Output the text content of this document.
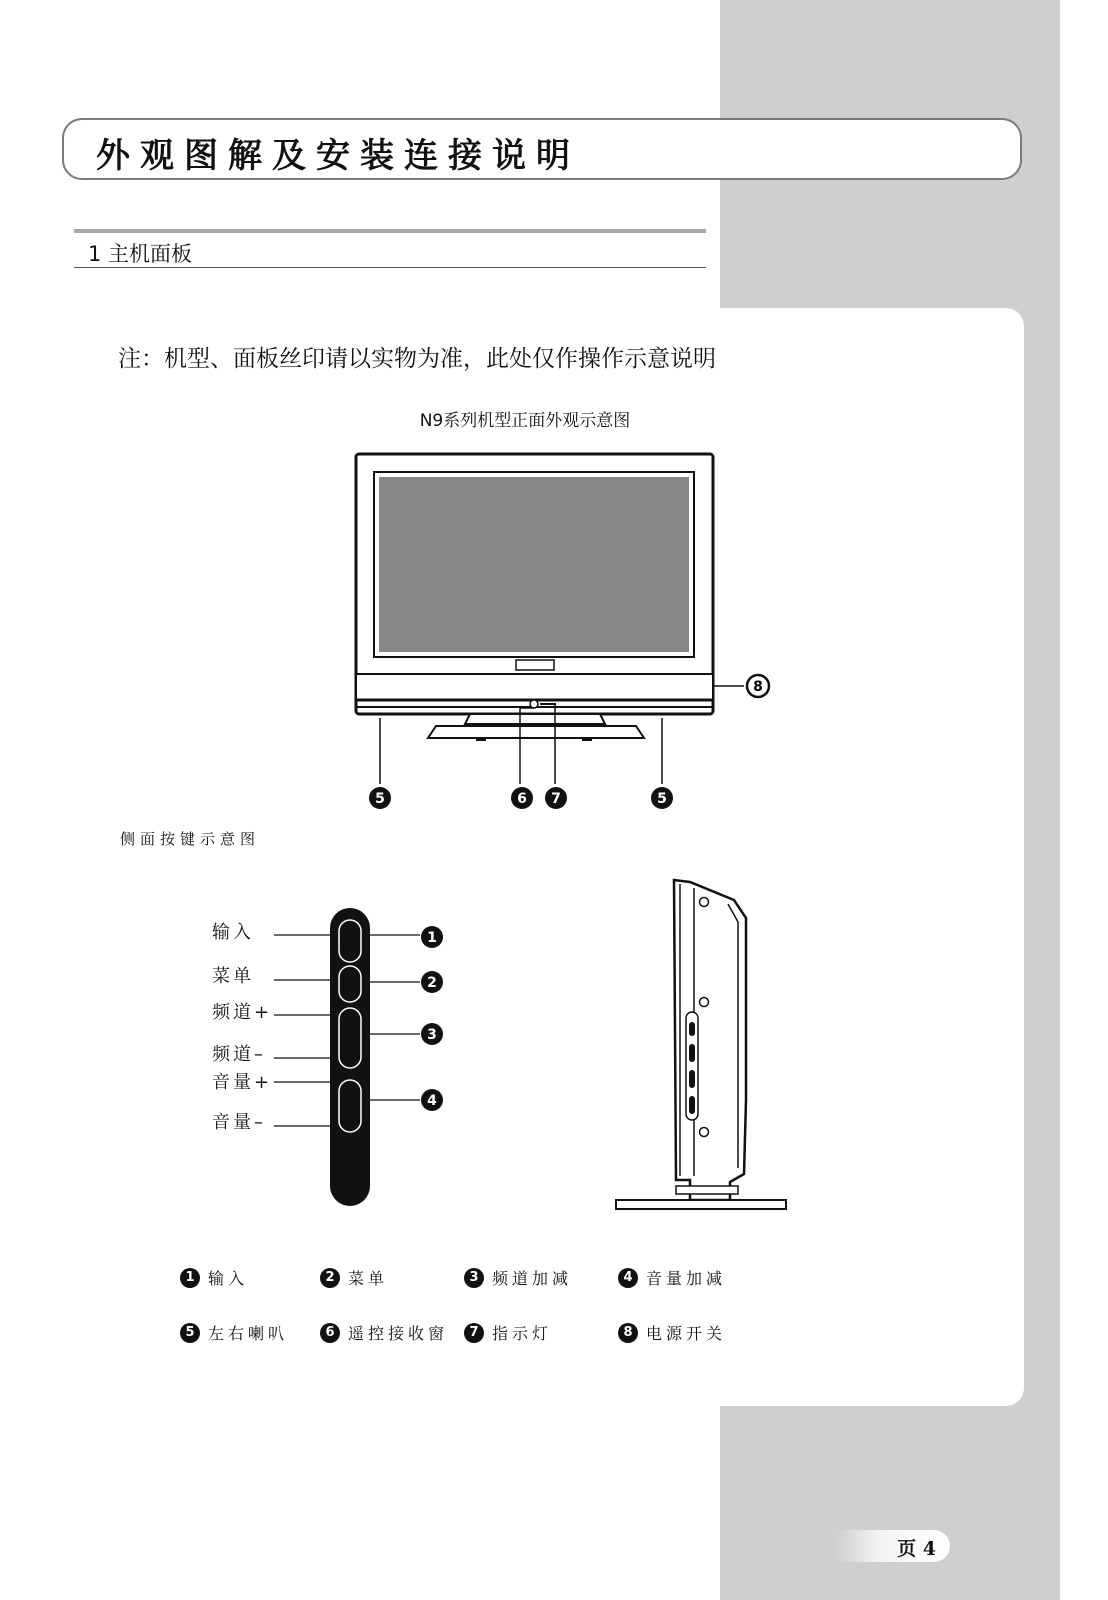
外观图解及安装连接说明
1 主机面板
注：机型、面板丝印请以实物为准，此处仅作操作示意说明
N9系列机型正面外观示意图
8
5	6 7	5
1
2
3
4
侧面按键示意图
输入
菜单
频道+
频道–
音量+
音量–
1 输入	2 菜单	3 频道加减	4 音量加减
5 左右喇叭	6 遥控接收窗	7 指示灯	8 电源开关
页 4
